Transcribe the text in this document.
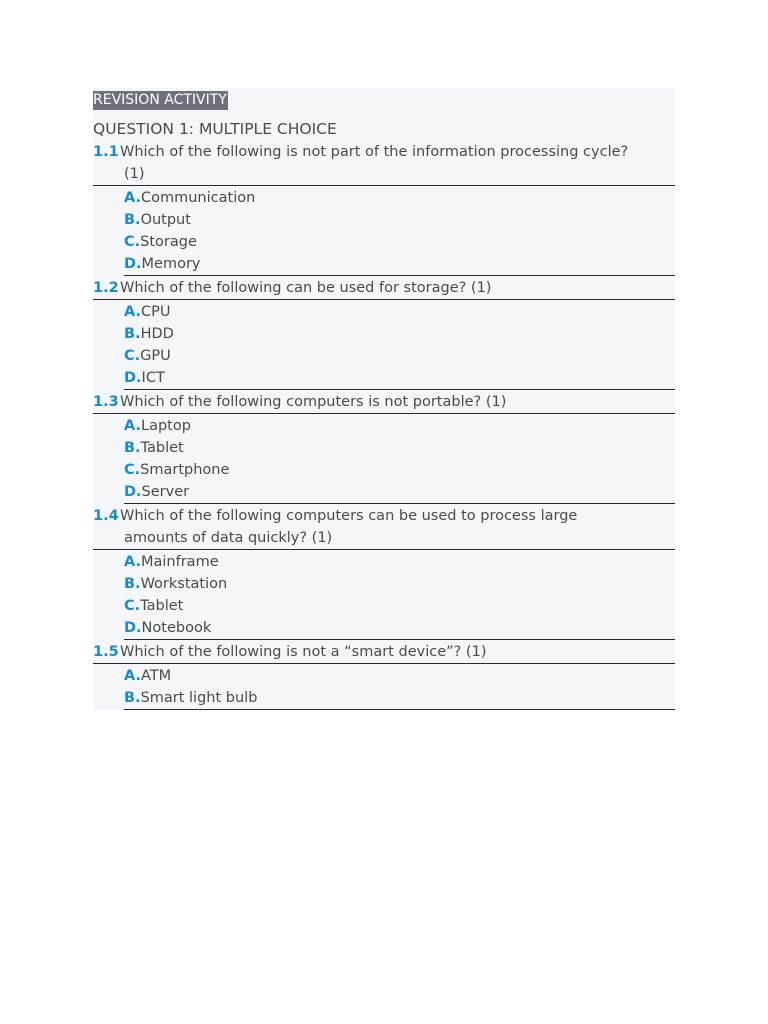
REVISION ACTIVITY
QUESTION 1: MULTIPLE CHOICE
1.1 Which of the following is not part of the information processing cycle?
(1)
A. Communication
B. Output
C. Storage
D. Memory
1.2 Which of the following can be used for storage? (1)
A. CPU
B. HDD
C. GPU
D. ICT
1.3 Which of the following computers is not portable? (1)
A. Laptop
B. Tablet
C. Smartphone
D. Server
1.4 Which of the following computers can be used to process large
amounts of data quickly? (1)
A. Mainframe
B. Workstation
C. Tablet
D. Notebook
1.5 Which of the following is not a “smart device”? (1)
A. ATM
B. Smart light bulb
